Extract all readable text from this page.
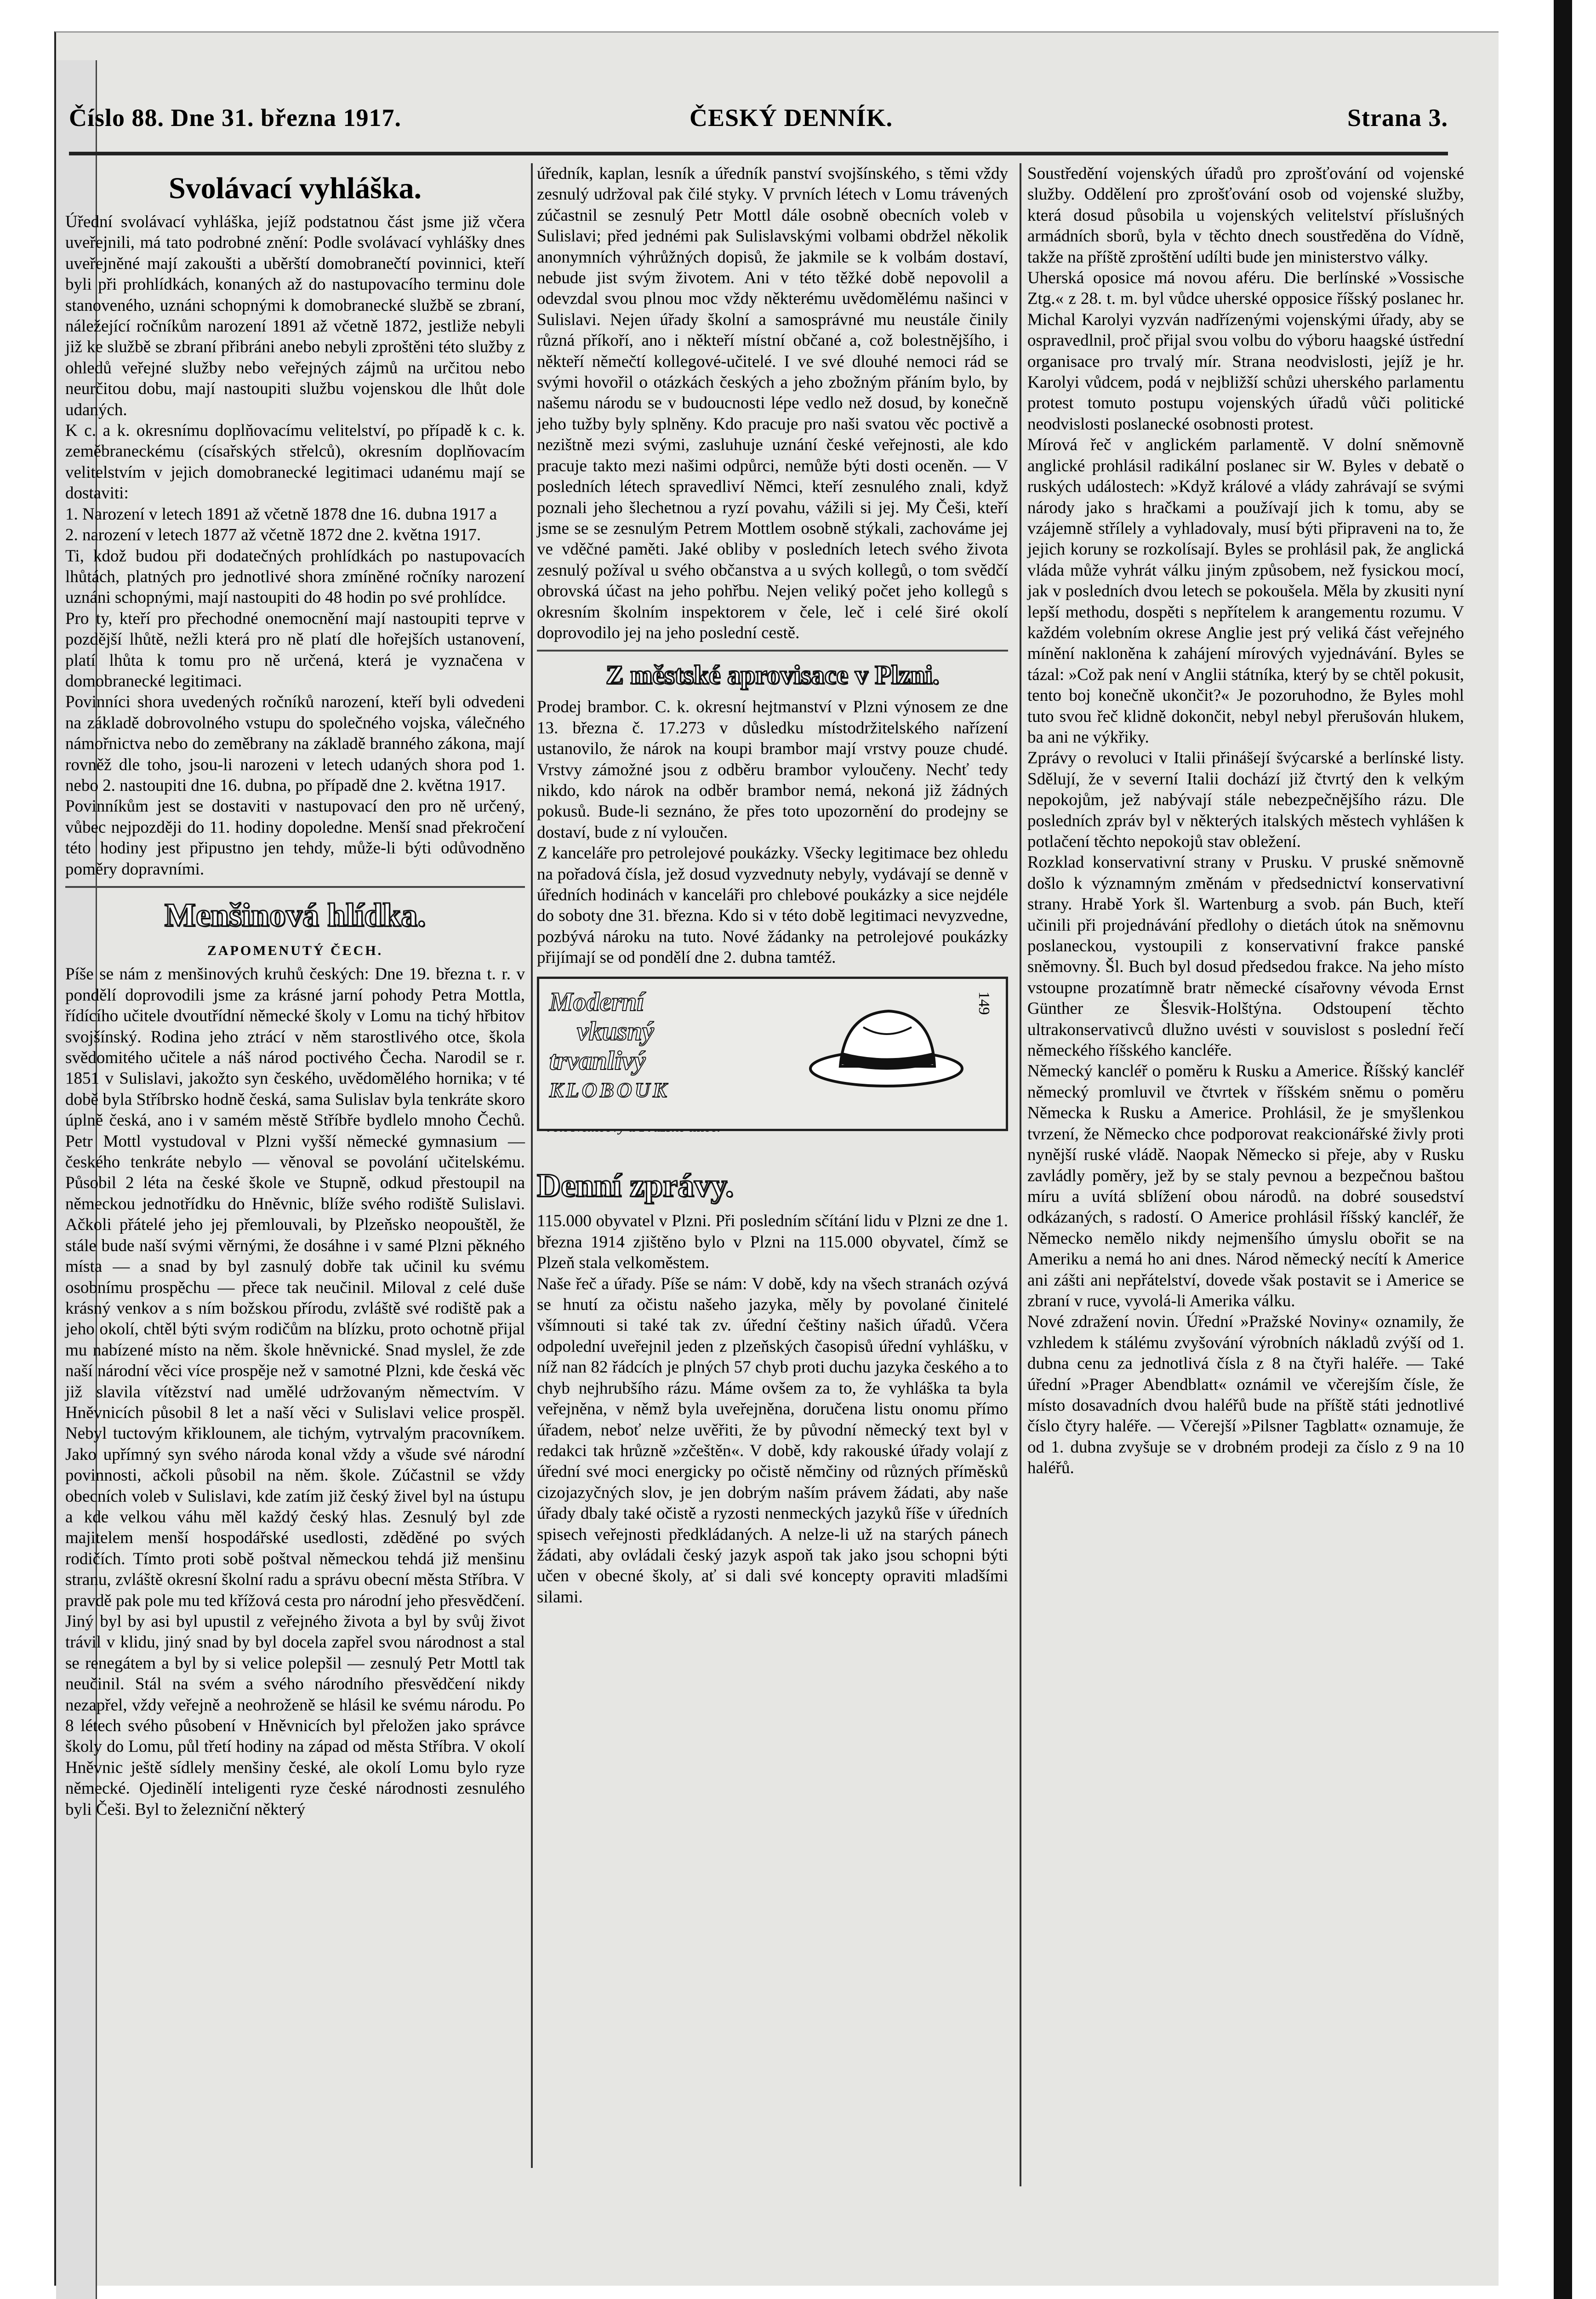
Číslo 88. Dne 31. března 1917.	ČESKÝ DENNÍK.	Strana 3.
Svolávací vyhláška.

Úřední svolávací vyhláška, jejíž podstatnou část jsme již včera uveřejnili, má tato podrobné znění: Podle svolávací vyhlášky dnes uveřejněné mají zakoušti a uběrští domobranečtí povinnici, kteří byli při prohlídkách, konaných až do nastupovacího terminu dole stanoveného, uznáni schopnými k domobranecké službě se zbraní, náležející ročníkům narození 1891 až včetně 1872, jestliže nebyli již ke službě se zbraní přibráni anebo nebyli zproštěni této služby z ohledů veřejné služby nebo veřejných zájmů na určitou nebo neurčitou dobu, mají nastoupiti službu vojenskou dle lhůt dole udaných.

K c. a k. okresnímu doplňovacímu velitelství, po případě k c. k. zeměbraneckému (císařských střelců), okresním doplňovacím velitelstvím v jejich domobranecké legitimaci udanému mají se dostaviti:

1. Narození v letech 1891 až včetně 1878 dne 16. dubna 1917 a

2. narození v letech 1877 až včetně 1872 dne 2. května 1917.

Ti, kdož budou při dodatečných prohlídkách po nastupovacích lhůtách, platných pro jednotlivé shora zmíněné ročníky narození uznáni schopnými, mají nastoupiti do 48 hodin po své prohlídce.

Pro ty, kteří pro přechodné onemocnění mají nastoupiti teprve v pozdější lhůtě, nežli která pro ně platí dle hořejších ustanovení, platí lhůta k tomu pro ně určená, která je vyznačena v domobranecké legitimaci.

Povinníci shora uvedených ročníků narození, kteří byli odvedeni na základě dobrovolného vstupu do společného vojska, válečného námořnictva nebo do zeměbrany na základě branného zákona, mají rovněž dle toho, jsou-li narozeni v letech udaných shora pod 1. nebo 2. nastoupiti dne 16. dubna, po případě dne 2. května 1917.

Povinníkům jest se dostaviti v nastupovací den pro ně určený, vůbec nejpozději do 11. hodiny dopoledne. Menší snad překročení této hodiny jest připustno jen tehdy, může-li býti odůvodněno poměry dopravními.

Menšinová hlídka.
ZAPOMENUTÝ ČECH.

Píše se nám z menšinových kruhů českých: Dne 19. března t. r. v pondělí doprovodili jsme za krásné jarní pohody Petra Mottla, řídícího učitele dvoutřídní německé školy v Lomu na tichý hřbitov svojšínský. Rodina jeho ztrácí v něm starostlivého otce, škola svědomitého učitele a náš národ poctivého Čecha. Narodil se r. 1851 v Sulislavi, jakožto syn českého, uvědomělého hornika; v té době byla Stříbrsko hodně česká, sama Sulislav byla tenkráte skoro úplně česká, ano i v samém městě Stříbře bydlelo mnoho Čechů. Petr Mottl vystudoval v Plzni vyšší německé gymnasium — českého tenkráte nebylo — věnoval se povolání učitelskému. Působil 2 léta na české škole ve Stupně, odkud přestoupil na německou jednotřídku do Hněvnic, blíže svého rodiště Sulislavi. Ačkoli přátelé jeho jej přemlouvali, by Plzeňsko neopouštěl, že stále bude naší svými věrnými, že dosáhne i v samé Plzni pěkného místa — a snad by byl zasnulý dobře tak učinil ku svému osobnímu prospěchu — přece tak neučinil. Miloval z celé duše krásný venkov a s ním božskou přírodu, zvláště své rodiště pak a jeho okolí, chtěl býti svým rodičům na blízku, proto ochotně přijal mu nabízené místo na něm. škole hněvnické. Snad myslel, že zde naší národní věci více prospěje než v samotné Plzni, kde česká věc již slavila vítězství nad umělé udržovaným němectvím. V Hněvnicích působil 8 let a naší věci v Sulislavi velice prospěl. Nebyl tuctovým křiklounem, ale tichým, vytrvalým pracovníkem. Jako upřímný syn svého národa konal vždy a všude své národní povinnosti, ačkoli působil na něm. škole. Zúčastnil se vždy obecních voleb v Sulislavi, kde zatím již český živel byl na ústupu a kde velkou váhu měl každý český hlas. Zesnulý byl zde majitelem menší hospodářské usedlosti, zděděné po svých rodičích. Tímto proti sobě poštval německou tehdá již menšinu stranu, zvláště okresní školní radu a správu obecní města Stříbra. V pravdě pak pole mu ted křížová cesta pro národní jeho přesvědčení. Jiný byl by asi byl upustil z veřejného života a byl by svůj život trávil v klidu, jiný snad by byl docela zapřel svou národnost a stal se renegátem a byl by si velice polepšil — zesnulý Petr Mottl tak neučinil. Stál na svém a svého národního přesvědčení nikdy nezapřel, vždy veřejně a neohroženě se hlásil ke svému národu. Po 8 létech svého působení v Hněvnicích byl přeložen jako správce školy do Lomu, půl třetí hodiny na západ od města Stříbra. V okolí Hněvnic ještě sídlely menšiny české, ale okolí Lomu bylo ryze německé. Ojedinělí inteligenti ryze české národnosti zesnulého byli Češi. Byl to železniční některý

úředník, kaplan, lesník a úředník panství svojšínského, s těmi vždy zesnulý udržoval pak čilé styky. V prvních létech v Lomu trávených zúčastnil se zesnulý Petr Mottl dále osobně obecních voleb v Sulislavi; před jednémi pak Sulislavskými volbami obdržel několik anonymních výhrůžných dopisů, že jakmile se k volbám dostaví, nebude jist svým životem. Ani v této těžké době nepovolil a odevzdal svou plnou moc vždy některému uvědomělému našinci v Sulislavi. Nejen úřady školní a samosprávné mu neustále činily různá příkoří, ano i někteří místní občané a, což bolestnějšího, i někteří němečtí kollegové-učitelé. I ve své dlouhé nemoci rád se svými hovořil o otázkách českých a jeho zbožným přáním bylo, by našemu národu se v budoucnosti lépe vedlo než dosud, by konečně jeho tužby byly splněny. Kdo pracuje pro naši svatou věc poctivě a nezištně mezi svými, zasluhuje uznání české veřejnosti, ale kdo pracuje takto mezi našimi odpůrci, nemůže býti dosti oceněn. — V posledních létech spravedliví Němci, kteří zesnulého znali, když poznali jeho šlechetnou a ryzí povahu, vážili si jej. My Češi, kteří jsme se se zesnulým Petrem Mottlem osobně stýkali, zachováme jej ve vděčné paměti. Jaké obliby v posledních letech svého života zesnulý požíval u svého občanstva a u svých kollegů, o tom svědčí obrovská účast na jeho pohřbu. Nejen veliký počet jeho kollegů s okresním školním inspektorem v čele, leč i celé širé okolí doprovodilo jej na jeho poslední cestě.

Z městské aprovisace v Plzni.

Prodej brambor. C. k. okresní hejtmanství v Plzni výnosem ze dne 13. března č. 17.273 v důsledku místodržitelského nařízení ustanovilo, že nárok na koupi brambor mají vrstvy pouze chudé. Vrstvy zámožné jsou z odběru brambor vyloučeny. Nechť tedy nikdo, kdo nárok na odběr brambor nemá, nekoná již žádných pokusů. Bude-li seznáno, že přes toto upozornění do prodejny se dostaví, bude z ní vyloučen.

Z kanceláře pro petrolejové poukázky. Všecky legitimace bez ohledu na pořadová čísla, jež dosud vyzvednuty nebyly, vydávají se denně v úředních hodinách v kanceláři pro chlebové poukázky a sice nejdéle do soboty dne 31. března. Kdo si v této době legitimaci nevyzvedne, pozbývá nároku na tuto. Nové žádanky na petrolejové poukázky přijímají se od pondělí dne 2. dubna tamtéž.

Moderní
vkusný
trvanlivý
KLOBOUK
149
Denní zprávy.

115.000 obyvatel v Plzni. Při posledním sčítání lidu v Plzni ze dne 1. března 1914 zjištěno bylo v Plzni na 115.000 obyvatel, čímž se Plzeň stala velkoměstem.

Naše řeč a úřady. Píše se nám: V době, kdy na všech stranách ozývá se hnutí za očistu našeho jazyka, měly by povolané činitelé všímnouti si také tak zv. úřední češtiny našich úřadů. Včera odpolední uveřejnil jeden z plzeňských časopisů úřední vyhlášku, v níž nan 82 řádcích je plných 57 chyb proti duchu jazyka českého a to chyb nejhrubšího rázu. Máme ovšem za to, že vyhláška ta byla veřejněna, v němž byla uveřejněna, doručena listu onomu přímo úřadem, neboť nelze uvěřiti, že by původní německý text byl v redakci tak hrůzně »zčeštěn«. V době, kdy rakouské úřady volají z úřední své moci energicky po očistě němčiny od různých příměsků cizojazyčných slov, je jen dobrým naším právem žádati, aby naše úřady dbaly také očistě a ryzosti nenmeckých jazyků říše v úředních spisech veřejnosti předkládaných. A nelze-li už na starých pánech žádati, aby ovládali český jazyk aspoň tak jako jsou schopni býti učen v obecné školy, ať si dali své koncepty opraviti mladšími silami.

Soustředění vojenských úřadů pro zprošťování od vojenské služby. Oddělení pro zprošťování osob od vojenské služby, která dosud působila u vojenských velitelství příslušných armádních sborů, byla v těchto dnech soustředěna do Vídně, takže na příště zproštění udílti bude jen ministerstvo války.

Uherská oposice má novou aféru. Die berlínské »Vossische Ztg.« z 28. t. m. byl vůdce uherské opposice říšský poslanec hr. Michal Karolyi vyzván nadřízenými vojenskými úřady, aby se ospravedlnil, proč přijal svou volbu do výboru haagské ústřední organisace pro trvalý mír. Strana neodvislosti, jejíž je hr. Karolyi vůdcem, podá v nejbližší schůzi uherského parlamentu protest tomuto postupu vojenských úřadů vůči politické neodvislosti poslanecké osobnosti protest.

Mírová řeč v anglickém parlamentě. V dolní sněmovně anglické prohlásil radikální poslanec sir W. Byles v debatě o ruských událostech: »Když králové a vlády zahrávají se svými národy jako s hračkami a používají jich k tomu, aby se vzájemně střílely a vyhladovaly, musí býti připraveni na to, že jejich koruny se rozkolísají. Byles se prohlásil pak, že anglická vláda může vyhrát válku jiným způsobem, než fysickou mocí, jak v posledních dvou letech se pokoušela. Měla by zkusiti nyní lepší methodu, dospěti s nepřítelem k arangementu rozumu. V každém volebním okrese Anglie jest prý veliká část veřejného mínění nakloněna k zahájení mírových vyjednávání. Byles se tázal: »Což pak není v Anglii státníka, který by se chtěl pokusit, tento boj konečně ukončit?« Je pozoruhodno, že Byles mohl tuto svou řeč klidně dokončit, nebyl nebyl přerušován hlukem, ba ani ne výkřiky.

Zprávy o revoluci v Italii přinášejí švýcarské a berlínské listy. Sdělují, že v severní Italii dochází již čtvrtý den k velkým nepokojům, jež nabývají stále nebezpečnějšího rázu. Dle posledních zpráv byl v některých italských městech vyhlášen k potlačení těchto nepokojů stav obležení.

Rozklad konservativní strany v Prusku. V pruské sněmovně došlo k významným změnám v předsednictví konservativní strany. Hrabě York šl. Wartenburg a svob. pán Buch, kteří učinili při projednávání předlohy o dietách útok na sněmovnu poslaneckou, vystoupili z konservativní frakce panské sněmovny. Šl. Buch byl dosud předsedou frakce. Na jeho místo vstoupne prozatímně bratr německé císařovny vévoda Ernst Günther ze Šlesvik-Holštýna. Odstoupení těchto ultrakonservativců dlužno uvésti v souvislost s poslední řečí německého říšského kancléře.

Německý kancléř o poměru k Rusku a Americe. Říšský kancléř německý promluvil ve čtvrtek v říšském sněmu o poměru Německa k Rusku a Americe. Prohlásil, že je smyšlenkou tvrzení, že Německo chce podporovat reakcionářské živly proti nynější ruské vládě. Naopak Německo si přeje, aby v Rusku zavládly poměry, jež by se staly pevnou a bezpečnou baštou míru a uvítá sblížení obou národů. na dobré sousedství odkázaných, s radostí. O Americe prohlásil říšský kancléř, že Německo nemělo nikdy nejmenšího úmyslu obořit se na Ameriku a nemá ho ani dnes. Národ německý necítí k Americe ani zášti ani nepřátelství, dovede však postavit se i Americe se zbraní v ruce, vyvolá-li Amerika válku.

Nové zdražení novin. Úřední »Pražské Noviny« oznamily, že vzhledem k stálému zvyšování výrobních nákladů zvýší od 1. dubna cenu za jednotlivá čísla z 8 na čtyři haléře. — Také úřední »Prager Abendblatt« oznámil ve včerejším čísle, že místo dosavadních dvou haléřů bude na příště státi jednotlivé číslo čtyry haléře. — Včerejší »Pilsner Tagblatt« oznamuje, že od 1. dubna zvyšuje se v drobném prodeji za číslo z 9 na 10 haléřů.
